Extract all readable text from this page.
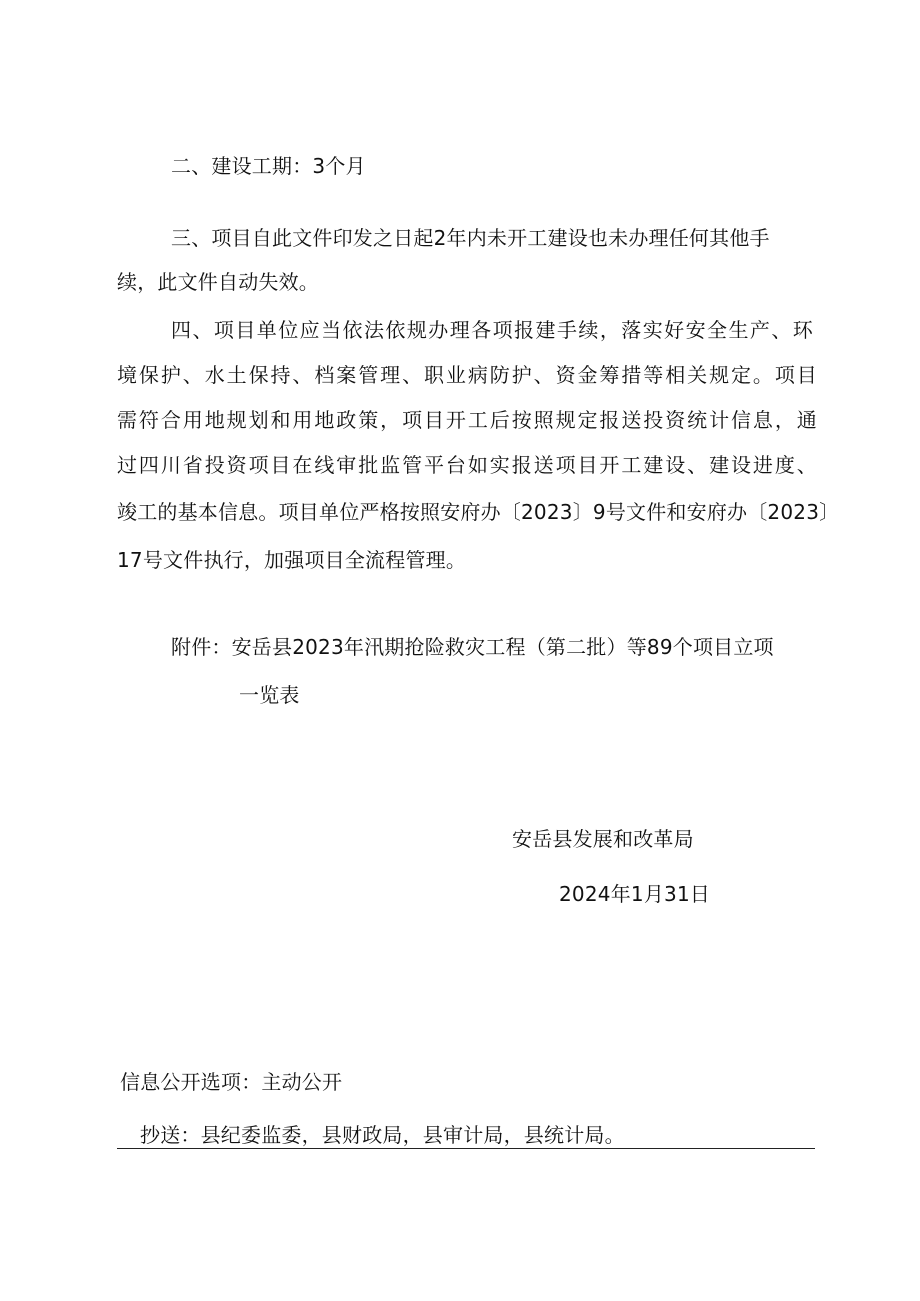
二、建设工期：3个月
三、项目自此文件印发之日起2年内未开工建设也未办理任何其他手
续，此文件自动失效。
四、项目单位应当依法依规办理各项报建手续，落实好安全生产、环
境保护、水土保持、档案管理、职业病防护、资金筹措等相关规定。项目
需符合用地规划和用地政策，项目开工后按照规定报送投资统计信息，通
过四川省投资项目在线审批监管平台如实报送项目开工建设、建设进度、
竣工的基本信息。项目单位严格按照安府办〔2023〕9号文件和安府办〔2023〕
17号文件执行，加强项目全流程管理。
附件：安岳县2023年汛期抢险救灾工程（第二批）等89个项目立项
一览表
安岳县发展和改革局
2024年1月31日
信息公开选项：主动公开
抄送：县纪委监委，县财政局，县审计局，县统计局。
